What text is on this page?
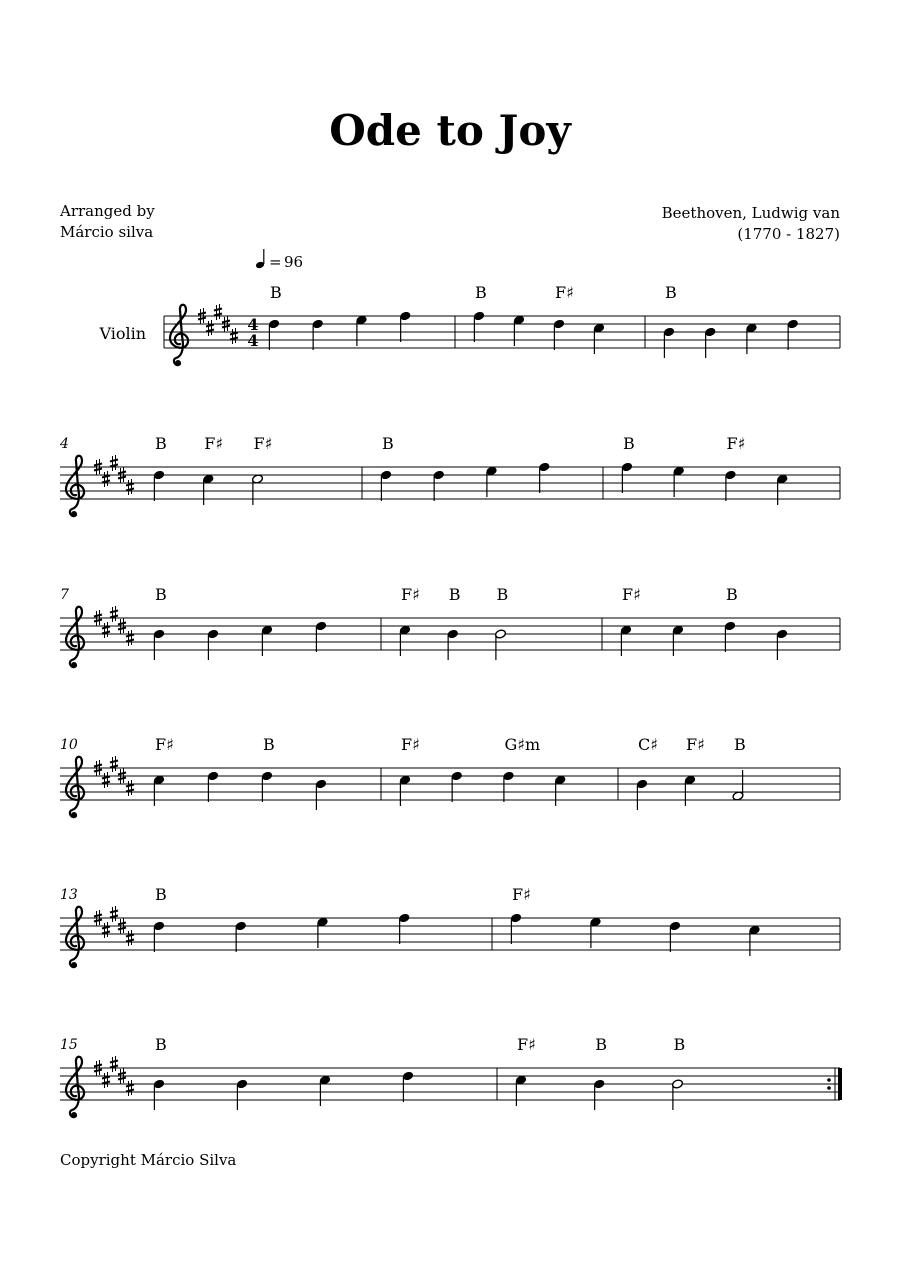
Ode to Joy
Arranged by
Márcio silva
Beethoven, Ludwig van
(1770 - 1827)
= 96
Violin	4
4
B	B	F♯	B
4	B F♯ F♯	B	B	F♯
7	B	F♯ B B	F♯	B
10	F♯	B	F♯	G♯m	C♯ F♯ B
13	B	F♯
15	B	F♯	B	B
Copyright Márcio Silva
